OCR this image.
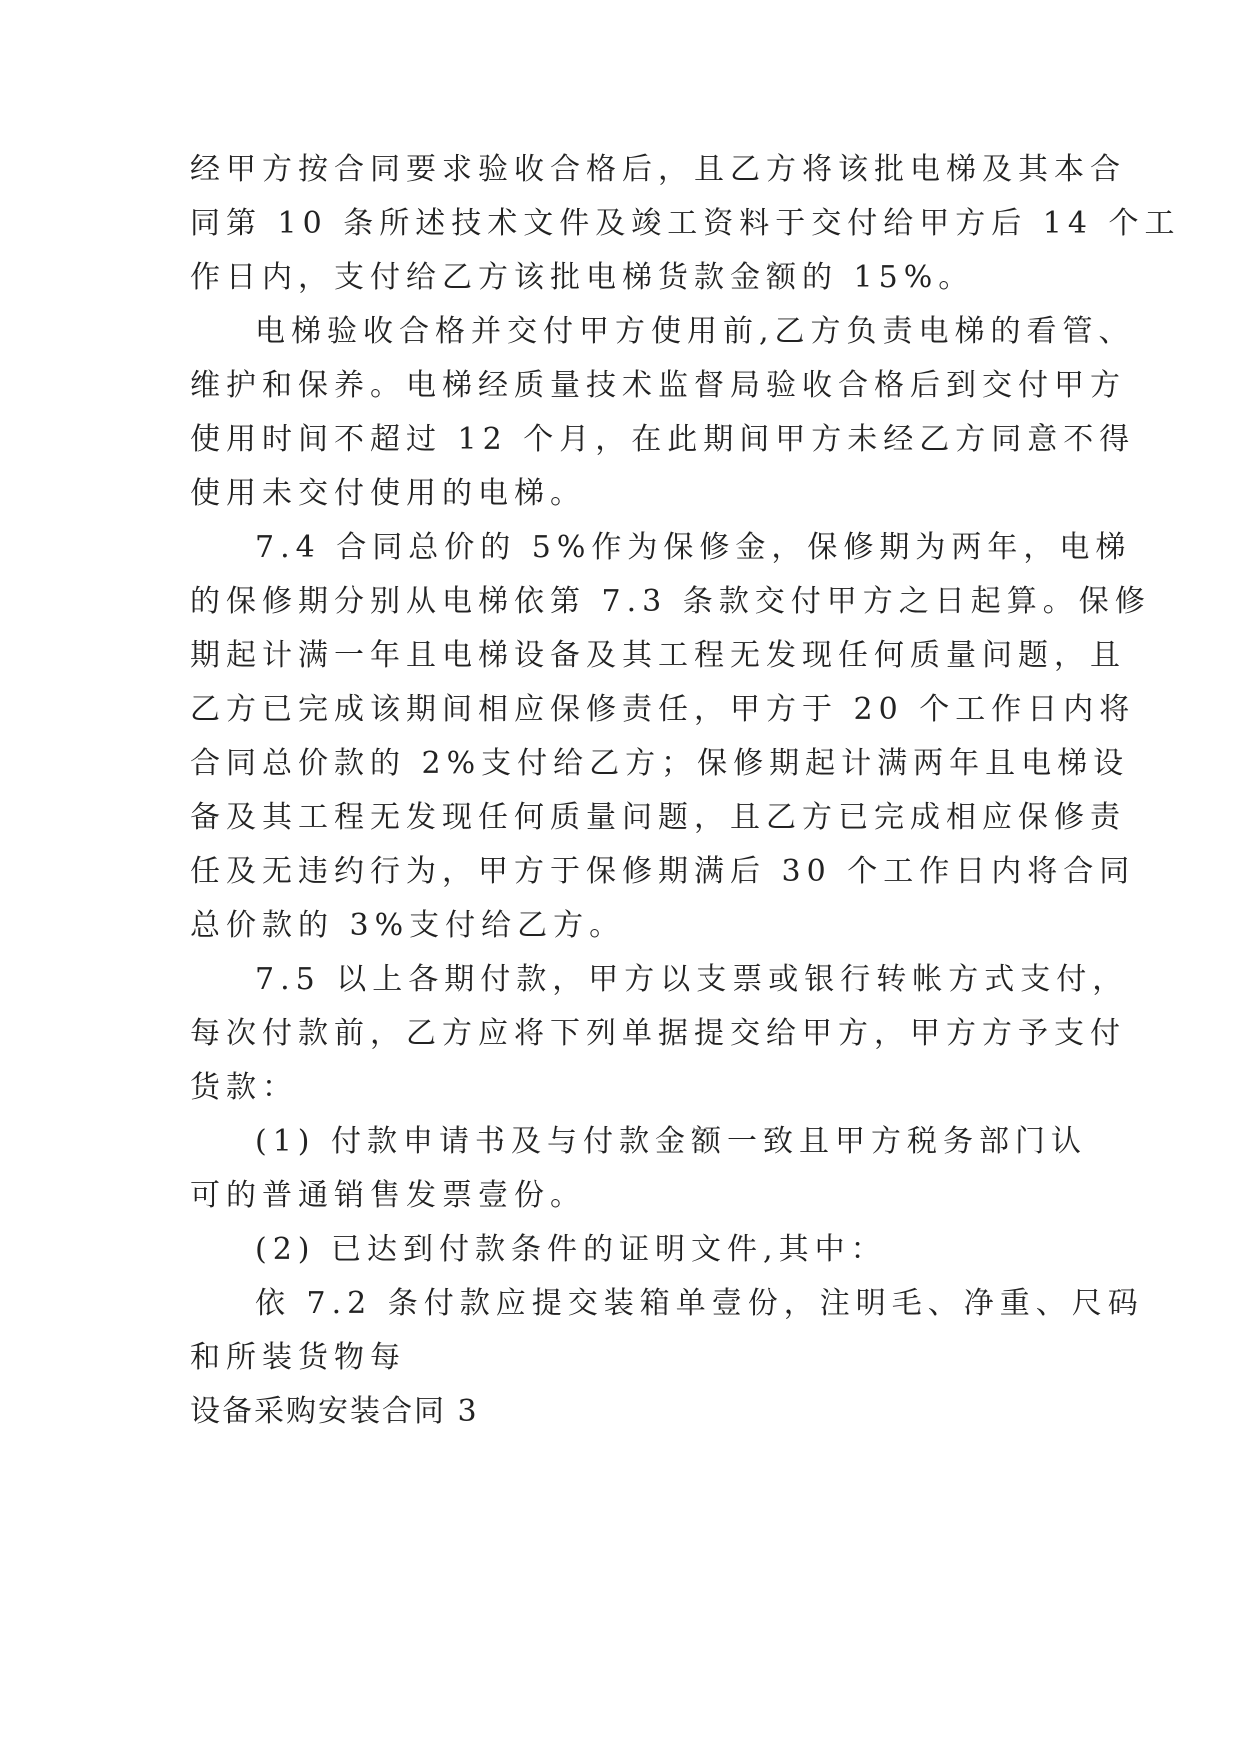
经甲方按合同要求验收合格后，且乙方将该批电梯及其本合
同第 10 条所述技术文件及竣工资料于交付给甲方后 14 个工
作日内，支付给乙方该批电梯货款金额的 15%。
电梯验收合格并交付甲方使用前,乙方负责电梯的看管、
维护和保养。电梯经质量技术监督局验收合格后到交付甲方
使用时间不超过 12 个月，在此期间甲方未经乙方同意不得
使用未交付使用的电梯。
7.4 合同总价的 5%作为保修金，保修期为两年，电梯
的保修期分别从电梯依第 7.3 条款交付甲方之日起算。保修
期起计满一年且电梯设备及其工程无发现任何质量问题，且
乙方已完成该期间相应保修责任，甲方于 20 个工作日内将
合同总价款的 2%支付给乙方；保修期起计满两年且电梯设
备及其工程无发现任何质量问题，且乙方已完成相应保修责
任及无违约行为，甲方于保修期满后 30 个工作日内将合同
总价款的 3%支付给乙方。
7.5 以上各期付款，甲方以支票或银行转帐方式支付，
每次付款前，乙方应将下列单据提交给甲方，甲方方予支付
货款：
(1) 付款申请书及与付款金额一致且甲方税务部门认
可的普通销售发票壹份。
(2) 已达到付款条件的证明文件,其中：
依 7.2 条付款应提交装箱单壹份，注明毛、净重、尺码
和所装货物每
设备采购安装合同 3
